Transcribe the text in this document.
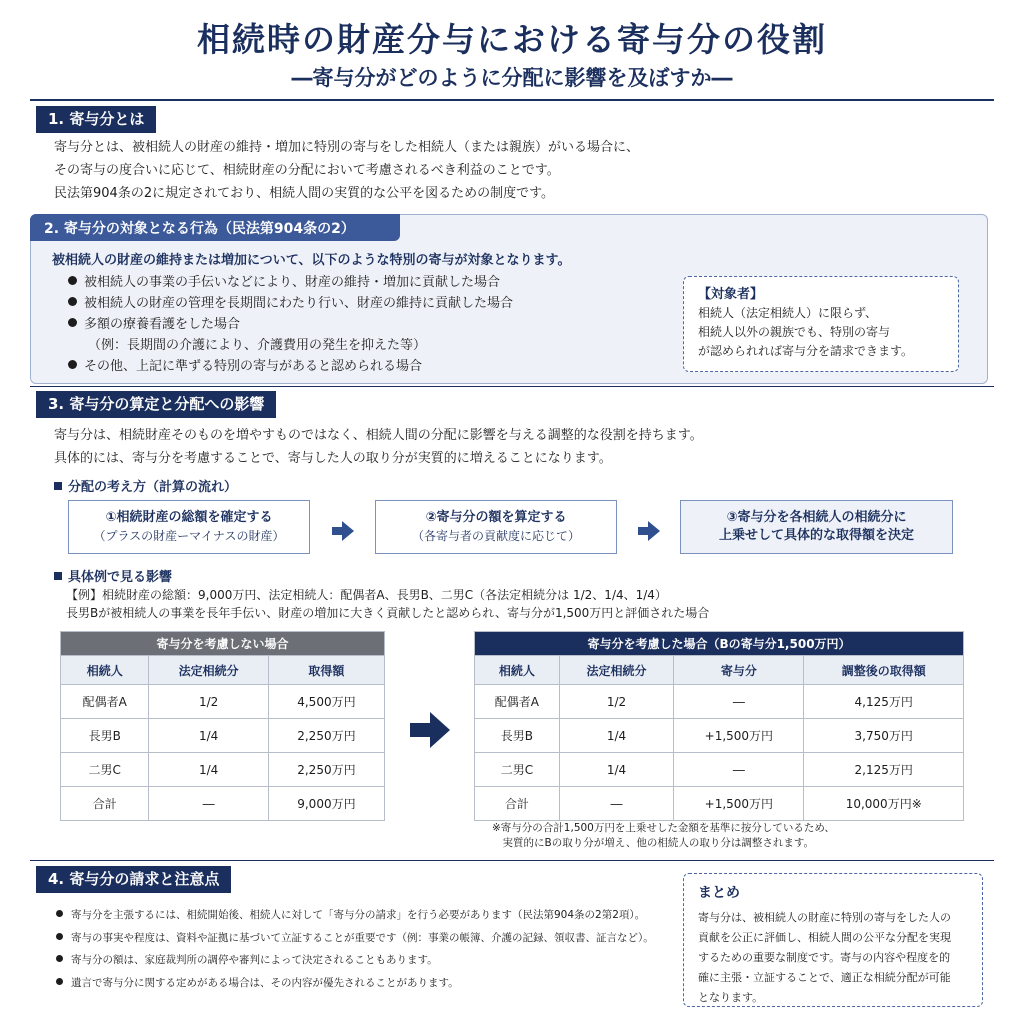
相続時の財産分与における寄与分の役割
―寄与分がどのように分配に影響を及ぼすか―
1. 寄与分とは
寄与分とは、被相続人の財産の維持・増加に特別の寄与をした相続人（または親族）がいる場合に、
その寄与の度合いに応じて、相続財産の分配において考慮されるべき利益のことです。
民法第904条の2に規定されており、相続人間の実質的な公平を図るための制度です。
2. 寄与分の対象となる行為（民法第904条の2）
被相続人の財産の維持または増加について、以下のような特別の寄与が対象となります。
被相続人の事業の手伝いなどにより、財産の維持・増加に貢献した場合
被相続人の財産の管理を長期間にわたり行い、財産の維持に貢献した場合
多額の療養看護をした場合
（例：長期間の介護により、介護費用の発生を抑えた等）
その他、上記に準ずる特別の寄与があると認められる場合
【対象者】
相続人（法定相続人）に限らず、
相続人以外の親族でも、特別の寄与
が認められれば寄与分を請求できます。
3. 寄与分の算定と分配への影響
寄与分は、相続財産そのものを増やすものではなく、相続人間の分配に影響を与える調整的な役割を持ちます。
具体的には、寄与分を考慮することで、寄与した人の取り分が実質的に増えることになります。
分配の考え方（計算の流れ）
①相続財産の総額を確定する
（プラスの財産ーマイナスの財産）
②寄与分の額を算定する
（各寄与者の貢献度に応じて）
③寄与分を各相続人の相続分に
上乗せして具体的な取得額を決定
具体例で見る影響
【例】相続財産の総額：9,000万円、法定相続人：配偶者A、長男B、二男C（各法定相続分は 1/2、1/4、1/4）
長男Bが被相続人の事業を長年手伝い、財産の増加に大きく貢献したと認められ、寄与分が1,500万円と評価された場合
寄与分を考慮しない場合		
相続人	法定相続分	取得額
配偶者A	1/2	4,500万円
長男B	1/4	2,250万円
二男C	1/4	2,250万円
合計	―	9,000万円
寄与分を考慮した場合（Bの寄与分1,500万円）			
相続人	法定相続分	寄与分	調整後の取得額
配偶者A	1/2	―	4,125万円
長男B	1/4	+1,500万円	3,750万円
二男C	1/4	―	2,125万円
合計	―	+1,500万円	10,000万円※
※寄与分の合計1,500万円を上乗せした金額を基準に按分しているため、
　実質的にBの取り分が増え、他の相続人の取り分は調整されます。
4. 寄与分の請求と注意点
寄与分を主張するには、相続開始後、相続人に対して「寄与分の請求」を行う必要があります（民法第904条の2第2項）。
寄与の事実や程度は、資料や証拠に基づいて立証することが重要です（例：事業の帳簿、介護の記録、領収書、証言など）。
寄与分の額は、家庭裁判所の調停や審判によって決定されることもあります。
遺言で寄与分に関する定めがある場合は、その内容が優先されることがあります。
まとめ
寄与分は、被相続人の財産に特別の寄与をした人の
貢献を公正に評価し、相続人間の公平な分配を実現
するための重要な制度です。寄与の内容や程度を的
確に主張・立証することで、適正な相続分配が可能
となります。
